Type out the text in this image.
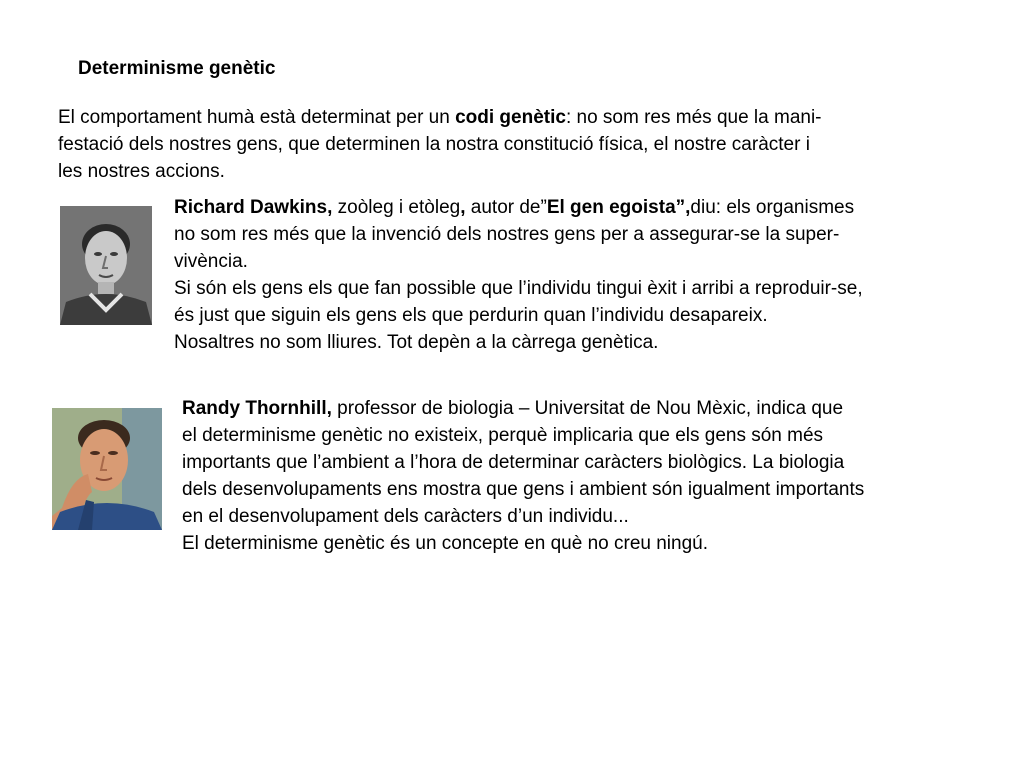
Determinisme genètic
El comportament humà està determinat per un codi genètic: no som res més que la mani-
festació dels nostres gens, que determinen la nostra constitució física, el nostre caràcter i
les nostres accions.
Richard Dawkins, zoòleg i etòleg, autor de”El gen egoista”,diu: els organismes
no som res més que la invenció dels nostres gens per a assegurar-se la super-
vivència.
Si són els gens els que fan possible que l’individu tingui èxit i arribi a reproduir-se,
és just que siguin els gens els que perdurin quan l’individu desapareix.
Nosaltres no som lliures. Tot depèn a la càrrega genètica.
Randy Thornhill, professor de biologia – Universitat de Nou Mèxic, indica que
el determinisme genètic no existeix, perquè implicaria que els gens són més
importants que l’ambient a l’hora de determinar caràcters biològics. La biologia
dels desenvolupaments ens mostra que gens i ambient són igualment importants
en el desenvolupament dels caràcters d’un individu...
El determinisme genètic és un concepte en què no creu ningú.
